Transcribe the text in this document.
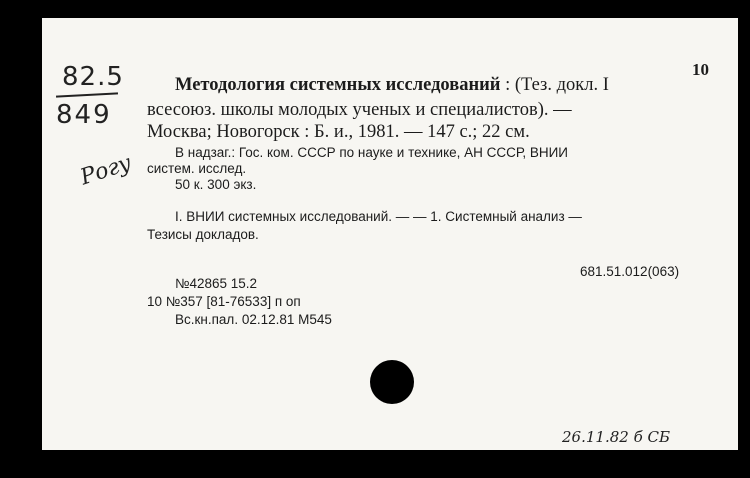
82.5
849
Рогу
10
Методология системных исследований : (Тез. докл. I
всесоюз. школы молодых ученых и специалистов). —
Москва; Новогорск : Б. и., 1981. — 147 с.; 22 см.
В надзаг.: Гос. ком. СССР по науке и технике, АН СССР, ВНИИ
систем. исслед.
50 к. 300 экз.
I. ВНИИ системных исследований. — — 1. Системный анализ —
Тезисы докладов.
681.51.012(063)
№42865 15.2
10 №357 [81-76533] п оп
Вс.кн.пал. 02.12.81 М545
26.11.82 б СБ
